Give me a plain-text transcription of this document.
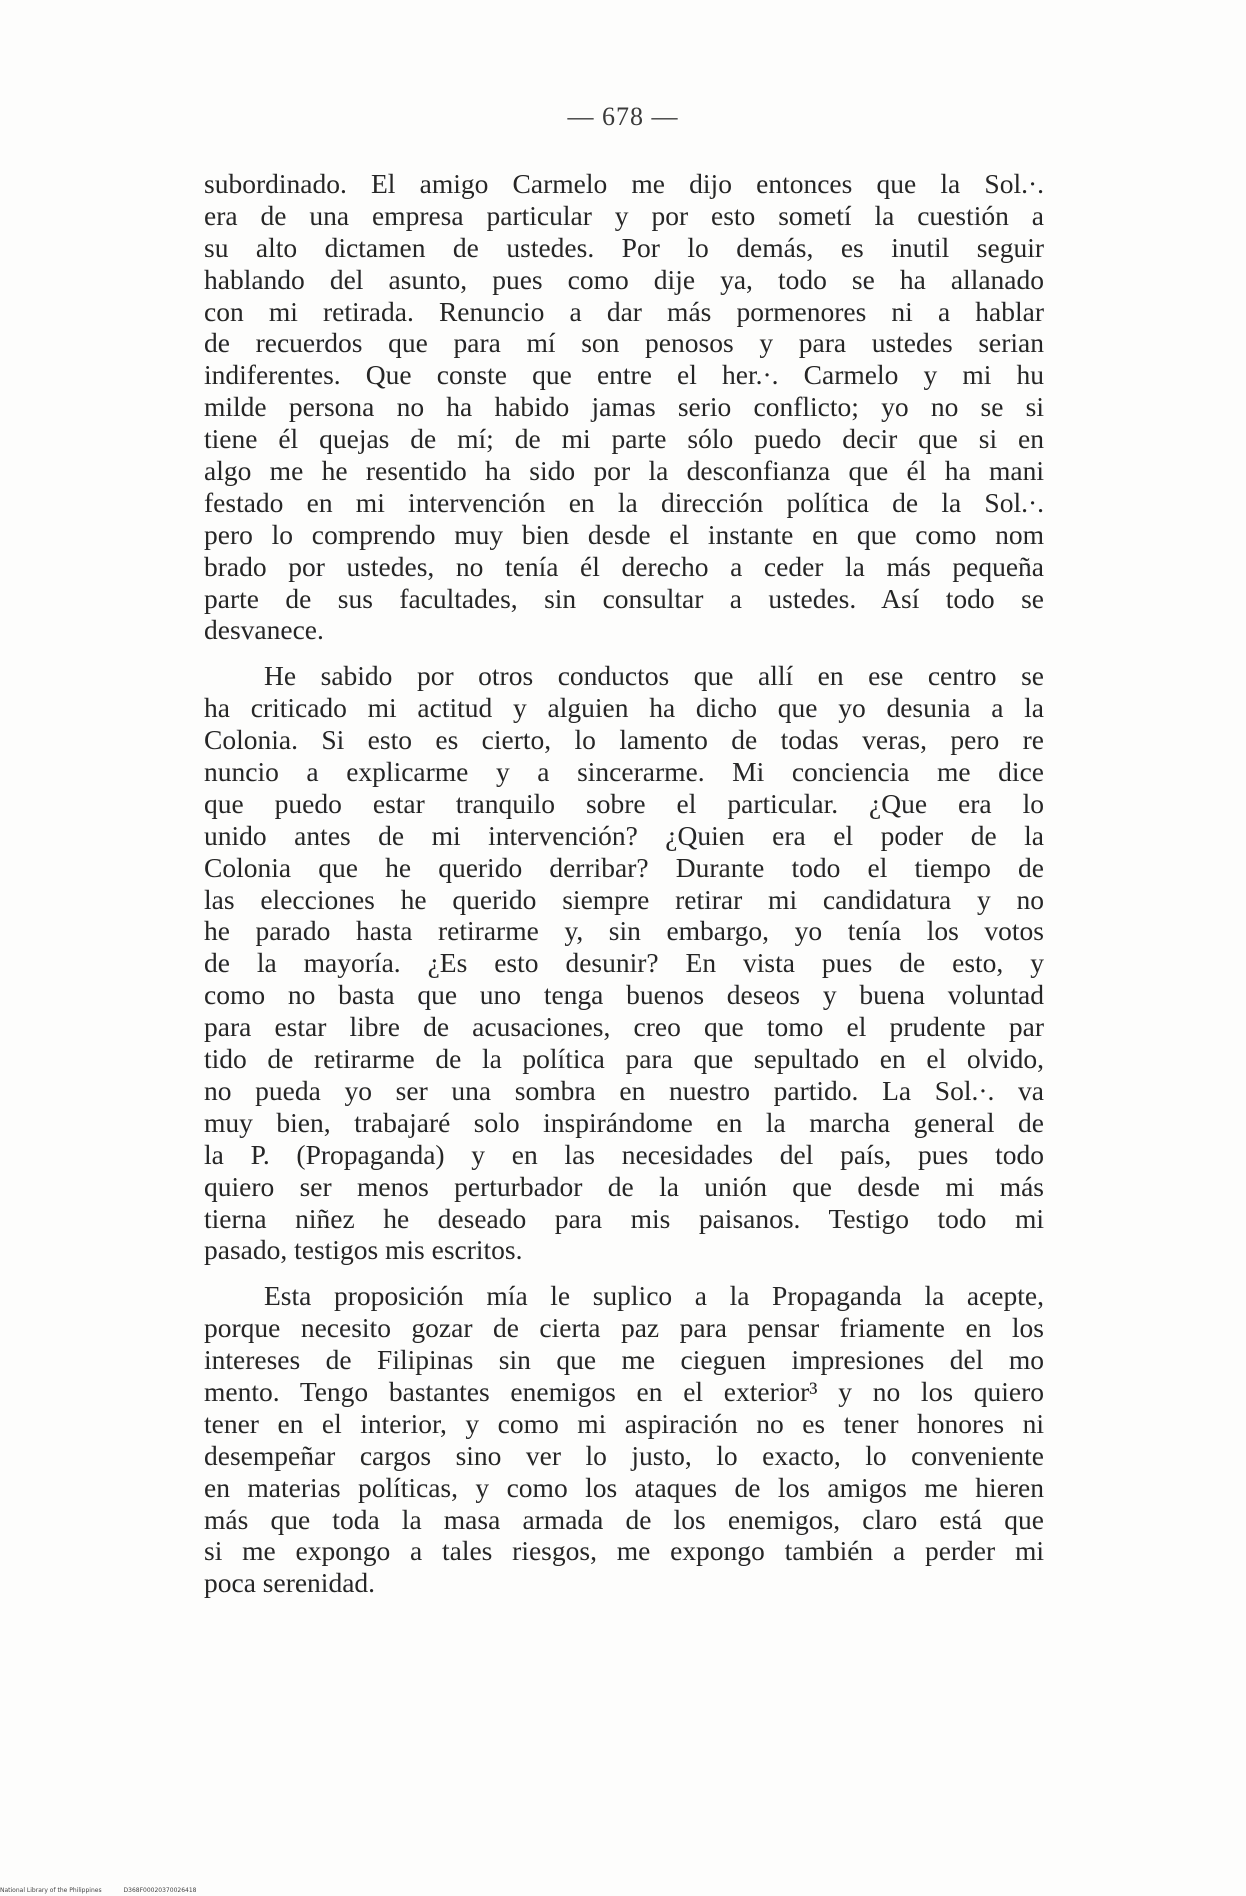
— 678 —
subordinado. El amigo Carmelo me dijo entonces que la Sol.·.
era de una empresa particular y por esto sometí la cuestión a
su alto dictamen de ustedes. Por lo demás, es inutil seguir
hablando del asunto, pues como dije ya, todo se ha allanado
con mi retirada. Renuncio a dar más pormenores ni a hablar
de recuerdos que para mí son penosos y para ustedes serian
indiferentes. Que conste que entre el her.·. Carmelo y mi hu
milde persona no ha habido jamas serio conflicto; yo no se si
tiene él quejas de mí; de mi parte sólo puedo decir que si en
algo me he resentido ha sido por la desconfianza que él ha mani
festado en mi intervención en la dirección política de la Sol.·.
pero lo comprendo muy bien desde el instante en que como nom
brado por ustedes, no tenía él derecho a ceder la más pequeña
parte de sus facultades, sin consultar a ustedes. Así todo se
desvanece.
He sabido por otros conductos que allí en ese centro se
ha criticado mi actitud y alguien ha dicho que yo desunia a la
Colonia. Si esto es cierto, lo lamento de todas veras, pero re
nuncio a explicarme y a sincerarme. Mi conciencia me dice
que puedo estar tranquilo sobre el particular. ¿Que era lo
unido antes de mi intervención? ¿Quien era el poder de la
Colonia que he querido derribar? Durante todo el tiempo de
las elecciones he querido siempre retirar mi candidatura y no
he parado hasta retirarme y, sin embargo, yo tenía los votos
de la mayoría. ¿Es esto desunir? En vista pues de esto, y
como no basta que uno tenga buenos deseos y buena voluntad
para estar libre de acusaciones, creo que tomo el prudente par
tido de retirarme de la política para que sepultado en el olvido,
no pueda yo ser una sombra en nuestro partido. La Sol.·. va
muy bien, trabajaré solo inspirándome en la marcha general de
la P. (Propaganda) y en las necesidades del país, pues todo
quiero ser menos perturbador de la unión que desde mi más
tierna niñez he deseado para mis paisanos. Testigo todo mi
pasado, testigos mis escritos.
Esta proposición mía le suplico a la Propaganda la acepte,
porque necesito gozar de cierta paz para pensar friamente en los
intereses de Filipinas sin que me cieguen impresiones del mo
mento. Tengo bastantes enemigos en el exterior³ y no los quiero
tener en el interior, y como mi aspiración no es tener honores ni
desempeñar cargos sino ver lo justo, lo exacto, lo conveniente
en materias políticas, y como los ataques de los amigos me hieren
más que toda la masa armada de los enemigos, claro está que
si me expongo a tales riesgos, me expongo también a perder mi
poca serenidad.
National Library of the Philippines	D368F00020370026418
